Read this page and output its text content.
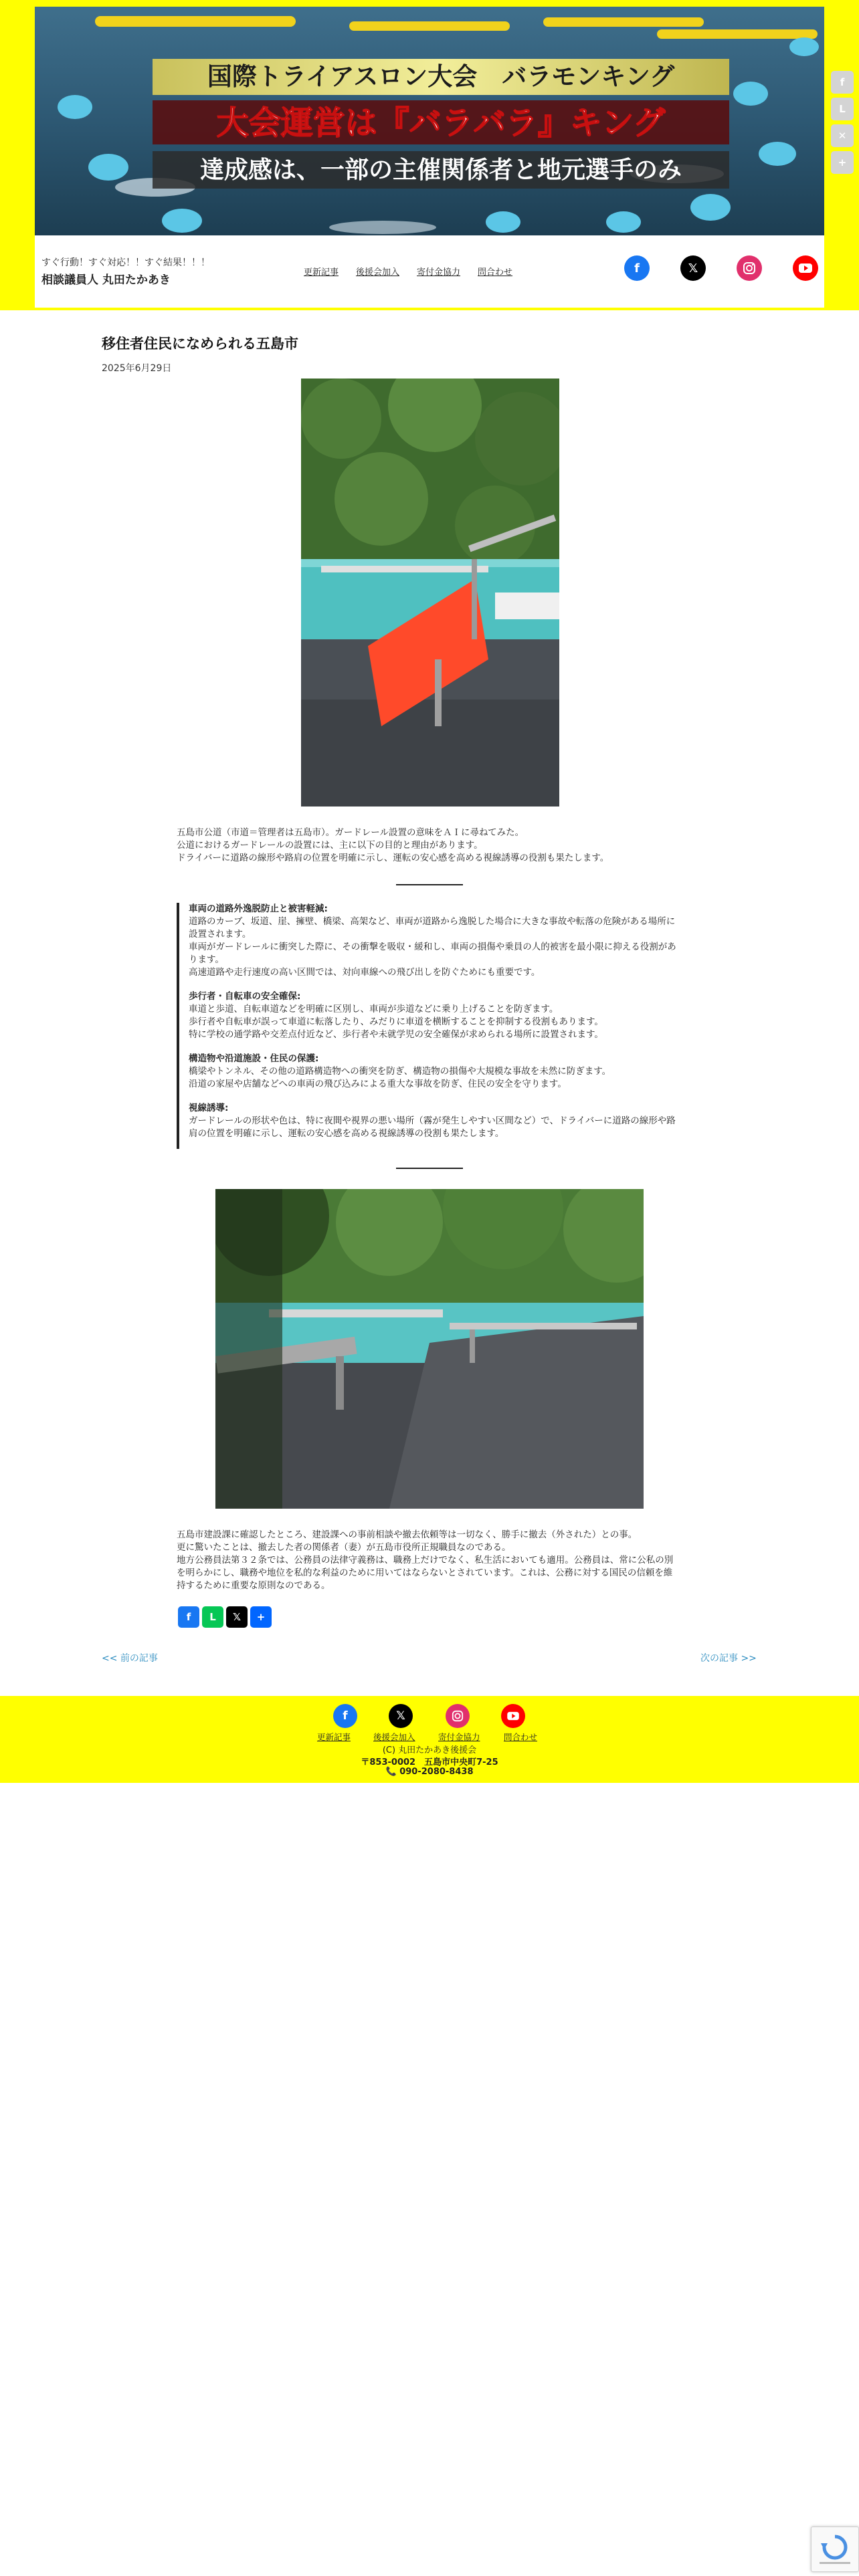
国際トライアスロン大会　バラモンキング
大会運営は『バラバラ』キング
達成感は、一部の主催関係者と地元選手のみ
すぐ行動！すぐ対応！！すぐ結果！！！
相談議員人 丸田たかあき
更新記事 後援会加入 寄付金協力 問合わせ	f	𝕏
f
L
✕
+
移住者住民になめられる五島市
2025年6月29日

五島市公道（市道＝管理者は五島市）。ガードレール設置の意味をＡＩに尋ねてみた。

公道におけるガードレールの設置には、主に以下の目的と理由があります。

ドライバーに道路の線形や路肩の位置を明確に示し、運転の安心感を高める視線誘導の役割も果たします。

車両の道路外逸脱防止と被害軽減:
道路のカーブ、坂道、崖、擁壁、橋梁、高架など、車両が道路から逸脱した場合に大きな事故や転落の危険がある場所に設置されます。
車両がガードレールに衝突した際に、その衝撃を吸収・緩和し、車両の損傷や乗員の人的被害を最小限に抑える役割があります。
高速道路や走行速度の高い区間では、対向車線への飛び出しを防ぐためにも重要です。
歩行者・自転車の安全確保:
車道と歩道、自転車道などを明確に区別し、車両が歩道などに乗り上げることを防ぎます。
歩行者や自転車が誤って車道に転落したり、みだりに車道を横断することを抑制する役割もあります。
特に学校の通学路や交差点付近など、歩行者や未就学児の安全確保が求められる場所に設置されます。
構造物や沿道施設・住民の保護:
橋梁やトンネル、その他の道路構造物への衝突を防ぎ、構造物の損傷や大規模な事故を未然に防ぎます。
沿道の家屋や店舗などへの車両の飛び込みによる重大な事故を防ぎ、住民の安全を守ります。
視線誘導:
ガードレールの形状や色は、特に夜間や視界の悪い場所（霧が発生しやすい区間など）で、ドライバーに道路の線形や路肩の位置を明確に示し、運転の安心感を高める視線誘導の役割も果たします。

五島市建設課に確認したところ、建設課への事前相談や撤去依頼等は一切なく、勝手に撤去（外された）との事。

更に驚いたことは、撤去した者の関係者（妻）が五島市役所正規職員なのである。

地方公務員法第３２条では、公務員の法律守義務は、職務上だけでなく、私生活においても適用。公務員は、常に公私の別を明らかにし、職務や地位を私的な利益のために用いてはならないとされています。これは、公務に対する国民の信頼を維持するために重要な原則なのである。

f	L	𝕏	+
<< 前の記事	次の記事 >>
f	𝕏
更新記事	後援会加入	寄付金協力	問合わせ
(C) 丸田たかあき後援会
〒853-0002　五島市中央町7-25
📞 090-2080-8438
